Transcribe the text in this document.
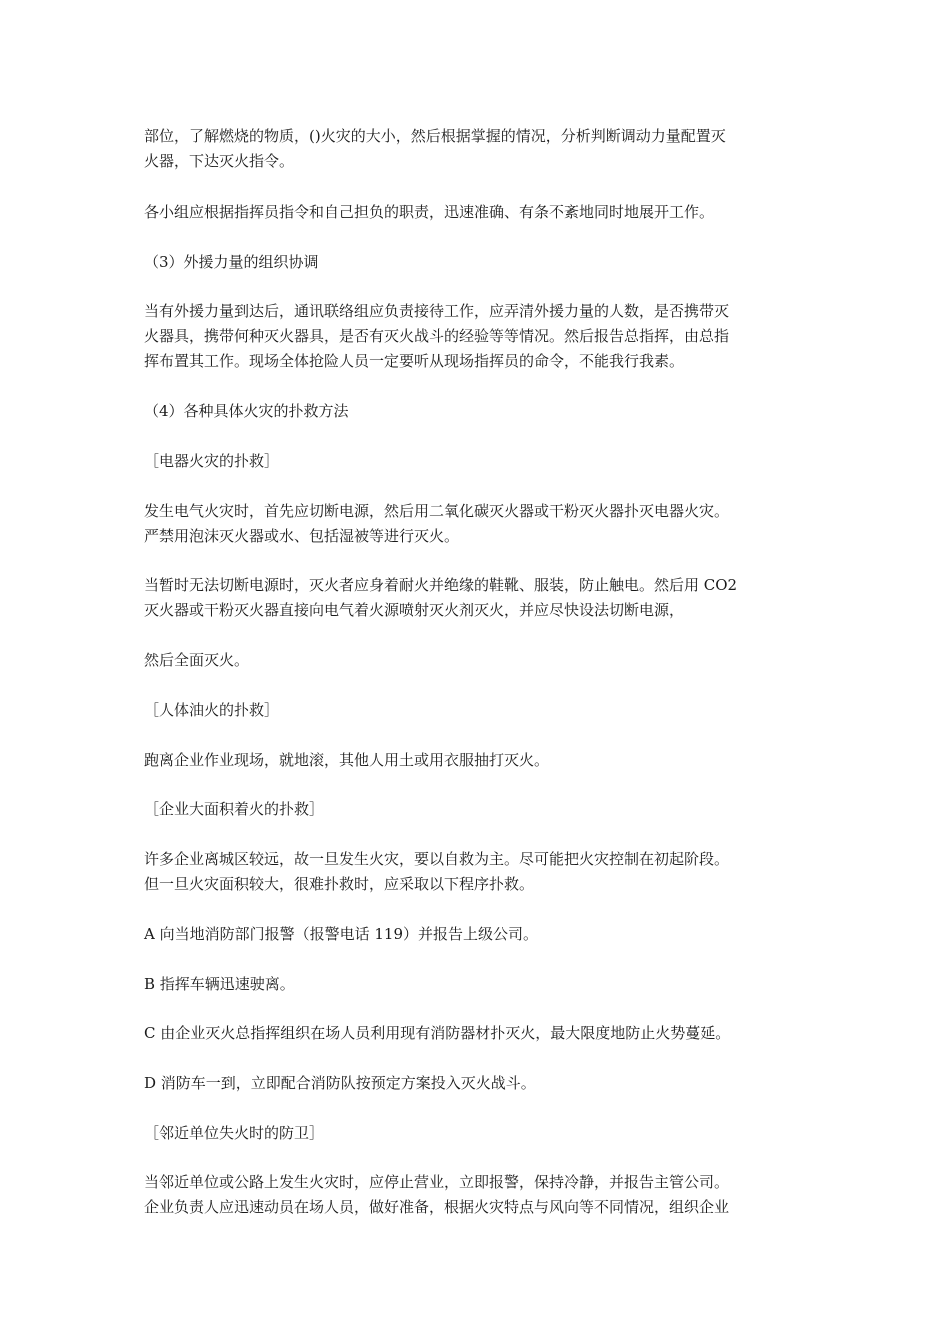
部位，了解燃烧的物质，()火灾的大小，然后根据掌握的情况，分析判断调动力量配置灭
火器，下达灭火指令。
各小组应根据指挥员指令和自己担负的职责，迅速准确、有条不紊地同时地展开工作。
（3）外援力量的组织协调
当有外援力量到达后，通讯联络组应负责接待工作，应弄清外援力量的人数，是否携带灭
火器具，携带何种灭火器具，是否有灭火战斗的经验等等情况。然后报告总指挥，由总指
挥布置其工作。现场全体抢险人员一定要听从现场指挥员的命令，不能我行我素。
（4）各种具体火灾的扑救方法
［电器火灾的扑救］
发生电气火灾时，首先应切断电源，然后用二氧化碳灭火器或干粉灭火器扑灭电器火灾。
严禁用泡沫灭火器或水、包括湿被等进行灭火。
当暂时无法切断电源时，灭火者应身着耐火并绝缘的鞋靴、服装，防止触电。然后用 CO2
灭火器或干粉灭火器直接向电气着火源喷射灭火剂灭火，并应尽快设法切断电源，
然后全面灭火。
［人体油火的扑救］
跑离企业作业现场，就地滚，其他人用土或用衣服抽打灭火。
［企业大面积着火的扑救］
许多企业离城区较远，故一旦发生火灾，要以自救为主。尽可能把火灾控制在初起阶段。
但一旦火灾面积较大，很难扑救时，应采取以下程序扑救。
A 向当地消防部门报警（报警电话 119）并报告上级公司。
B 指挥车辆迅速驶离。
C 由企业灭火总指挥组织在场人员利用现有消防器材扑灭火，最大限度地防止火势蔓延。
D 消防车一到，立即配合消防队按预定方案投入灭火战斗。
［邻近单位失火时的防卫］
当邻近单位或公路上发生火灾时，应停止营业，立即报警，保持冷静，并报告主管公司。
企业负责人应迅速动员在场人员，做好准备，根据火灾特点与风向等不同情况，组织企业
